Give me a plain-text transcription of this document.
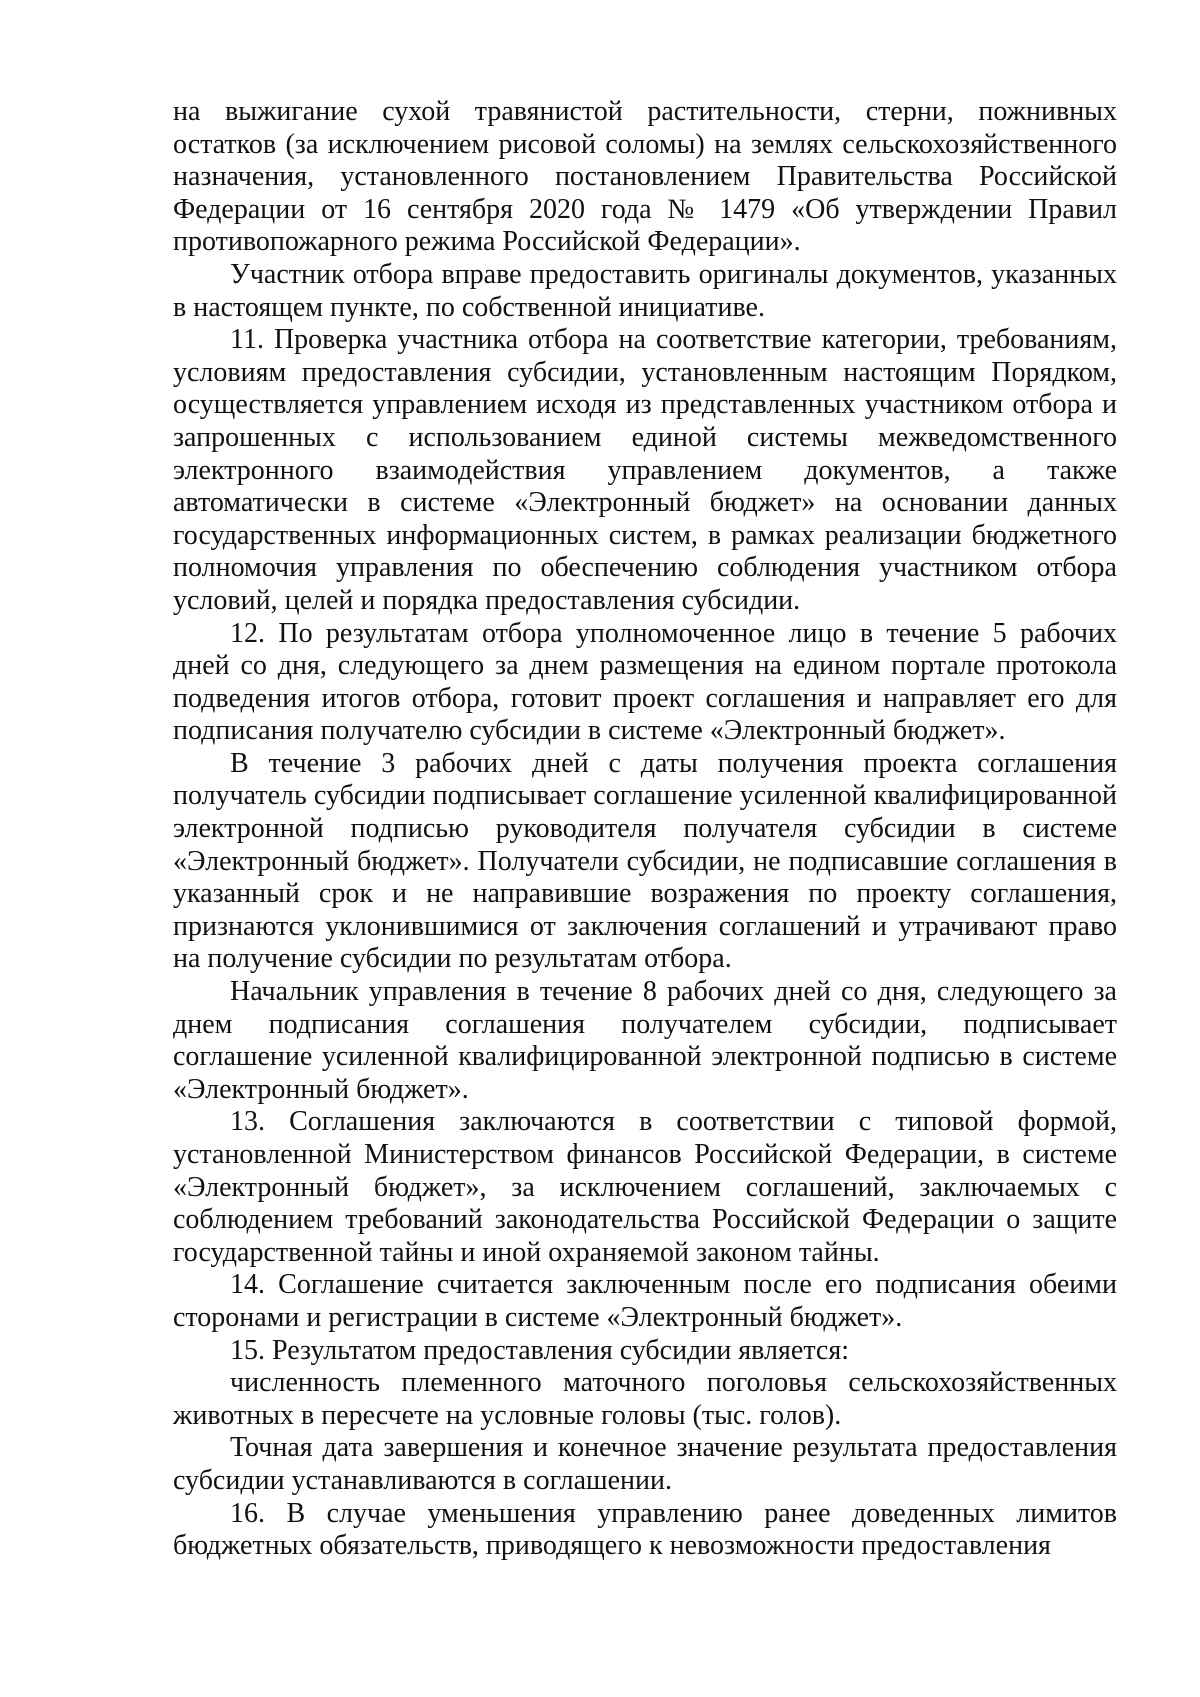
на выжигание сухой травянистой растительности, стерни, пожнивных остатков (за исключением рисовой соломы) на землях сельскохозяйственного назначения, установленного постановлением Правительства Российской Федерации от 16 сентября 2020 года № 1479 «Об утверждении Правил противопожарного режима Российской Федерации».

Участник отбора вправе предоставить оригиналы документов, указанных в настоящем пункте, по собственной инициативе.

11. Проверка участника отбора на соответствие категории, требованиям, условиям предоставления субсидии, установленным настоящим Порядком, осуществляется управлением исходя из представленных участником отбора и запрошенных с использованием единой системы межведомственного электронного взаимодействия управлением документов, а также автоматически в системе «Электронный бюджет» на основании данных государственных информационных систем, в рамках реализации бюджетного полномочия управления по обеспечению соблюдения участником отбора условий, целей и порядка предоставления субсидии.

12. По результатам отбора уполномоченное лицо в течение 5 рабочих дней со дня, следующего за днем размещения на едином портале протокола подведения итогов отбора, готовит проект соглашения и направляет его для подписания получателю субсидии в системе «Электронный бюджет».

В течение 3 рабочих дней с даты получения проекта соглашения получатель субсидии подписывает соглашение усиленной квалифицированной электронной подписью руководителя получателя субсидии в системе «Электронный бюджет». Получатели субсидии, не подписавшие соглашения в указанный срок и не направившие возражения по проекту соглашения, признаются уклонившимися от заключения соглашений и утрачивают право на получение субсидии по результатам отбора.

Начальник управления в течение 8 рабочих дней со дня, следующего за днем подписания соглашения получателем субсидии, подписывает соглашение усиленной квалифицированной электронной подписью в системе «Электронный бюджет».

13. Соглашения заключаются в соответствии с типовой формой, установленной Министерством финансов Российской Федерации, в системе «Электронный бюджет», за исключением соглашений, заключаемых с соблюдением требований законодательства Российской Федерации о защите государственной тайны и иной охраняемой законом тайны.

14. Соглашение считается заключенным после его подписания обеими сторонами и регистрации в системе «Электронный бюджет».

15. Результатом предоставления субсидии является:

численность племенного маточного поголовья сельскохозяйственных животных в пересчете на условные головы (тыс. голов).

Точная дата завершения и конечное значение результата предоставления субсидии устанавливаются в соглашении.

16. В случае уменьшения управлению ранее доведенных лимитов бюджетных обязательств, приводящего к невозможности предоставления
